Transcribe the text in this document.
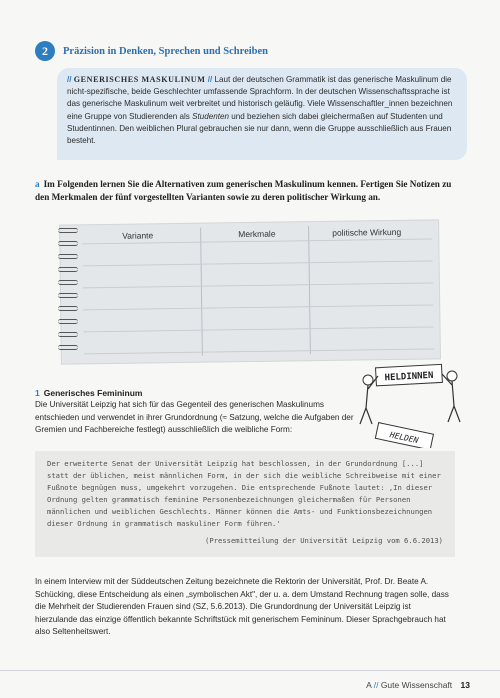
2	Präzision in Denken, Sprechen und Schreiben
// GENERISCHES MASKULINUM // Laut der deutschen Grammatik ist das generische Maskulinum die nicht-spezifische, beide Geschlechter umfassende Sprachform. In der deutschen Wissenschaftssprache ist das generische Maskulinum weit verbreitet und historisch geläufig. Viele Wissenschaftler_innen bezeichnen eine Gruppe von Studierenden als Studenten und beziehen sich dabei gleichermaßen auf Studenten und Studentinnen. Den weiblichen Plural gebrauchen sie nur dann, wenn die Gruppe ausschließlich aus Frauen besteht.
a Im Folgenden lernen Sie die Alternativen zum generischen Maskulinum kennen. Fertigen Sie Notizen zu den Merkmalen der fünf vorgestellten Varianten sowie zu deren politischer Wirkung an.
Variante	Merkmale	politische Wirkung
1 Generisches Femininum
Die Universität Leipzig hat sich für das Gegenteil des generischen Maskulinums entschieden und verwendet in ihrer Grundordnung (≈ Satzung, welche die Aufgaben der Gremien und Fachbereiche festlegt) ausschließlich die weibliche Form:
HELDINNEN
HELDEN
Der erweiterte Senat der Universität Leipzig hat beschlossen, in der Grundordnung [...] statt der üblichen, meist männlichen Form, in der sich die weibliche Schreibweise mit einer Fußnote begnügen muss, umgekehrt vorzugehen. Die entsprechende Fußnote lautet: ‚In dieser Ordnung gelten grammatisch feminine Personenbezeichnungen gleichermaßen für Personen männlichen und weiblichen Geschlechts. Männer können die Amts- und Funktionsbezeichnungen dieser Ordnung in grammatisch maskuliner Form führen.'
(Pressemitteilung der Universität Leipzig vom 6.6.2013)
In einem Interview mit der Süddeutschen Zeitung bezeichnete die Rektorin der Universität, Prof. Dr. Beate A. Schücking, diese Entscheidung als einen „symbolischen Akt", der u. a. dem Umstand Rechnung tragen solle, dass die Mehrheit der Studierenden Frauen sind (SZ, 5.6.2013). Die Grundordnung der Universität Leipzig ist hierzulande das einzige öffentlich bekannte Schriftstück mit generischem Femininum. Dieser Sprachgebrauch hat also Seltenheitswert.
A // Gute Wissenschaft 13
